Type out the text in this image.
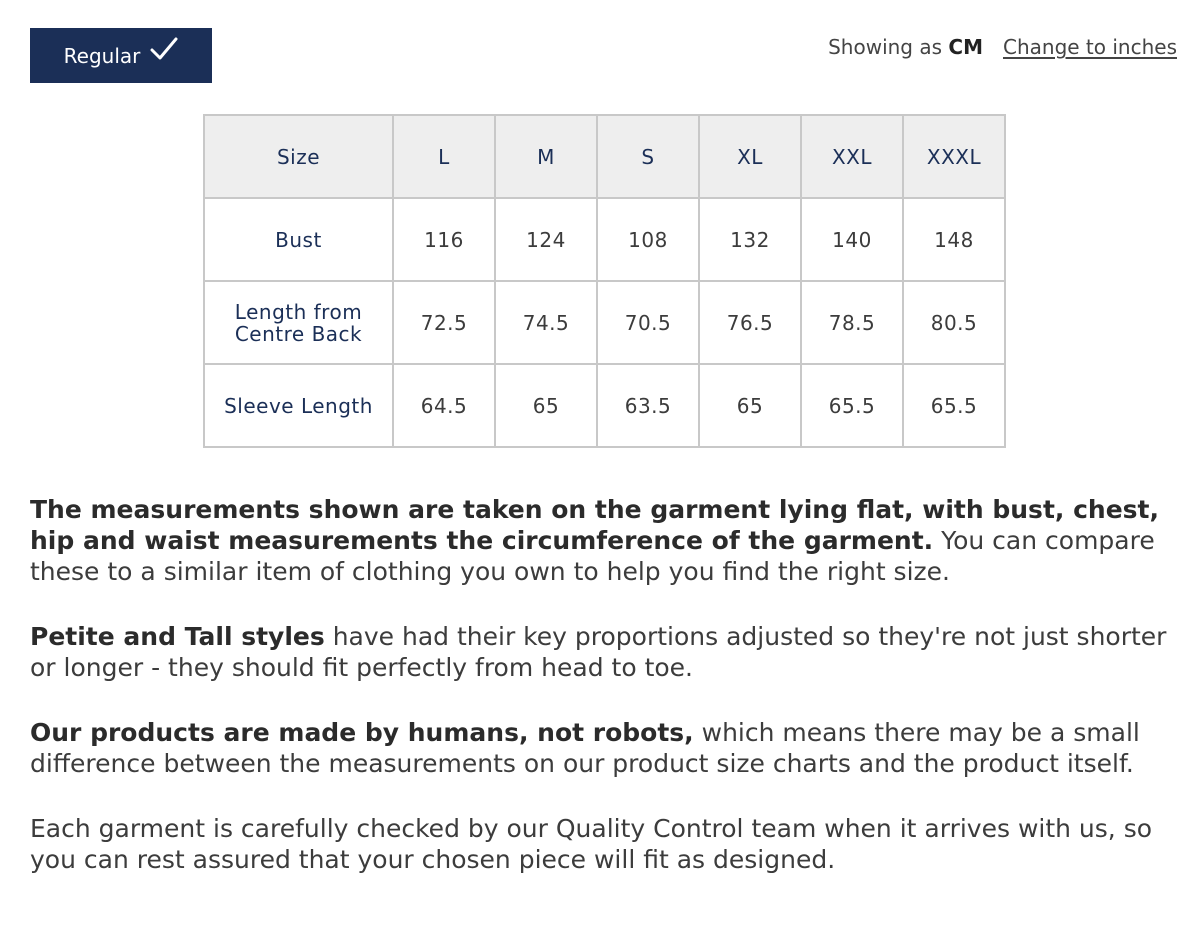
Regular	Showing as CM Change to inches
Size	L	M	S	XL	XXL	XXXL
Bust	116	124	108	132	140	148
Length from Centre Back	72.5	74.5	70.5	76.5	78.5	80.5
Sleeve Length	64.5	65	63.5	65	65.5	65.5

The measurements shown are taken on the garment lying flat, with bust, chest, hip and waist measurements the circumference of the garment. You can compare these to a similar item of clothing you own to help you find the right size.

Petite and Tall styles have had their key proportions adjusted so they're not just shorter or longer - they should fit perfectly from head to toe.

Our products are made by humans, not robots, which means there may be a small difference between the measurements on our product size charts and the product itself.

Each garment is carefully checked by our Quality Control team when it arrives with us, so you can rest assured that your chosen piece will fit as designed.
